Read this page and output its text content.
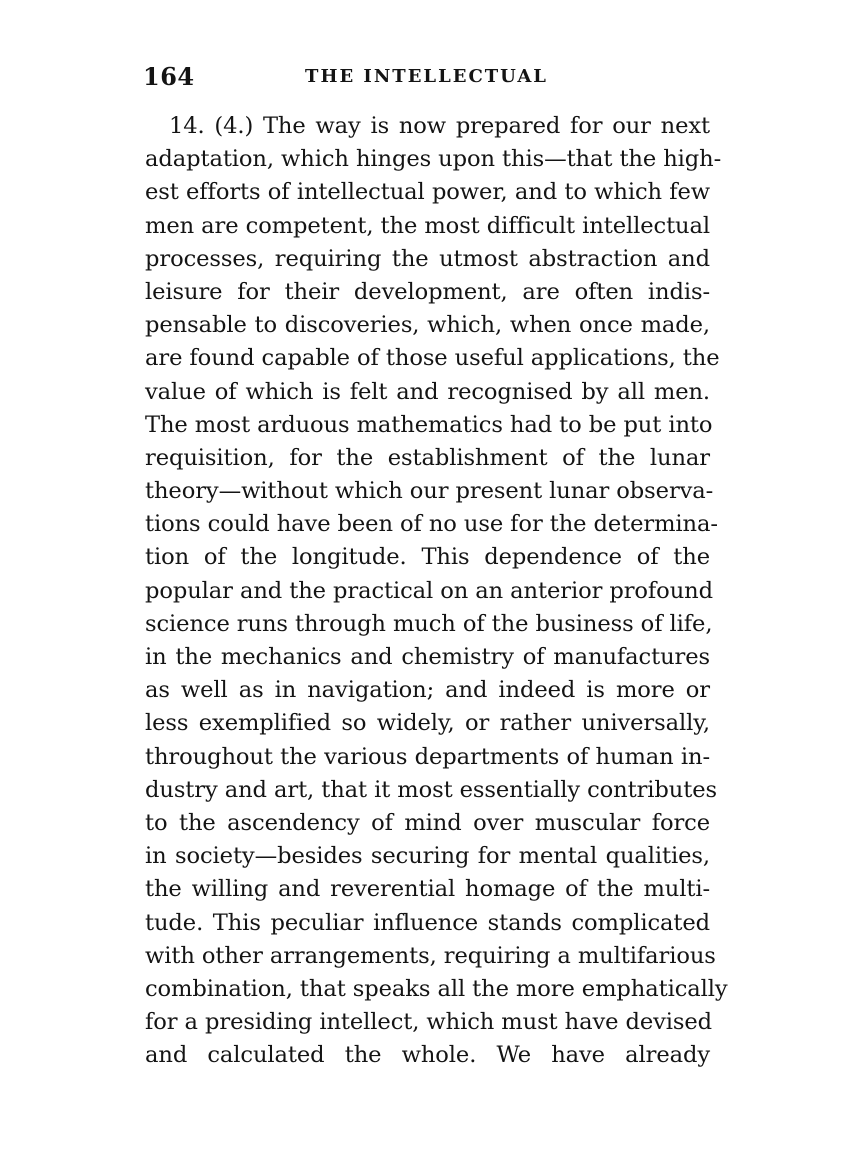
164	THE INTELLECTUAL
14. (4.) The way is now prepared for our next
adaptation, which hinges upon this—that the high-
est efforts of intellectual power, and to which few
men are competent, the most difficult intellectual
processes, requiring the utmost abstraction and
leisure for their development, are often indis-
pensable to discoveries, which, when once made,
are found capable of those useful applications, the
value of which is felt and recognised by all men.
The most arduous mathematics had to be put into
requisition, for the establishment of the lunar
theory—without which our present lunar observa-
tions could have been of no use for the determina-
tion of the longitude. This dependence of the
popular and the practical on an anterior profound
science runs through much of the business of life,
in the mechanics and chemistry of manufactures
as well as in navigation; and indeed is more or
less exemplified so widely, or rather universally,
throughout the various departments of human in-
dustry and art, that it most essentially contributes
to the ascendency of mind over muscular force
in society—besides securing for mental qualities,
the willing and reverential homage of the multi-
tude. This peculiar influence stands complicated
with other arrangements, requiring a multifarious
combination, that speaks all the more emphatically
for a presiding intellect, which must have devised
and calculated the whole. We have already
